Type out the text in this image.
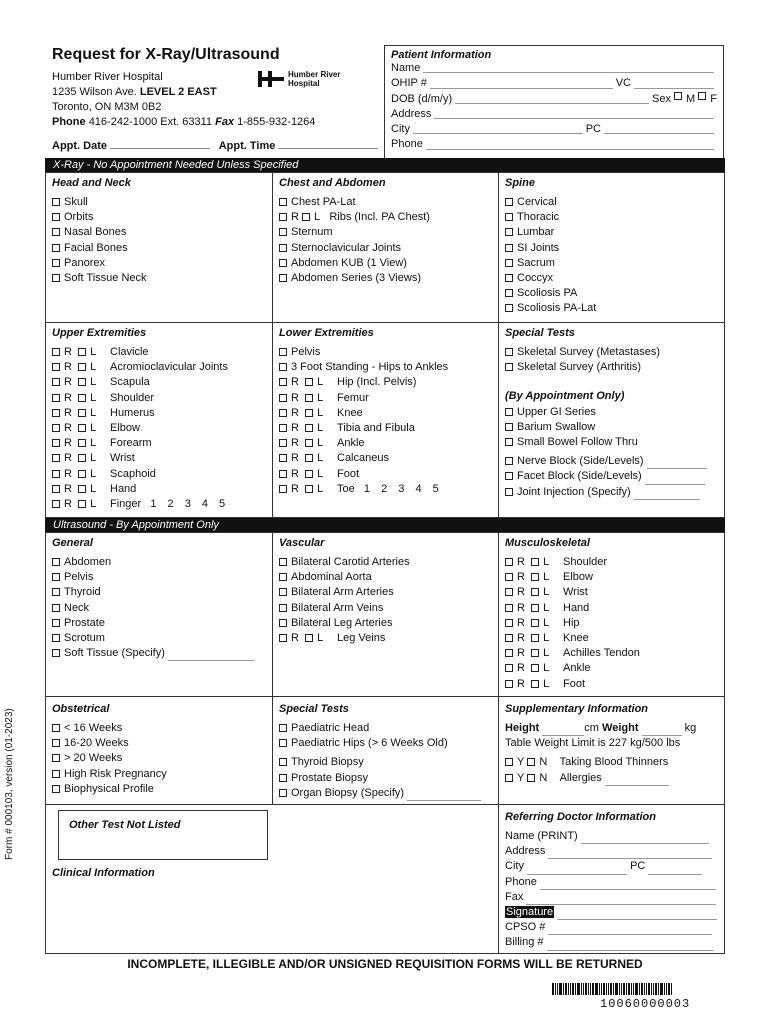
Form # 000103, version (01-2023)
Request for X-Ray/Ultrasound
Humber River Hospital
1235 Wilson Ave. LEVEL 2 EAST
Toronto, ON M3M 0B2
Phone 416-242-1000 Ext. 63311 Fax 1-855-932-1264
Humber River
Hospital
Appt. Date	Appt. Time
Patient Information
Name
OHIP #	VC
DOB (d/m/y)	Sex
M
F
Address
City	PC
Phone
X-Ray - No Appointment Needed Unless Specified
Head and Neck
Skull
Orbits
Nasal Bones
Facial Bones
Panorex
Soft Tissue Neck
Chest and Abdomen
Chest PA-Lat
R L Ribs (Incl. PA Chest)
Sternum
Sternoclavicular Joints
Abdomen KUB (1 View)
Abdomen Series (3 Views)
Spine
Cervical
Thoracic
Lumbar
SI Joints
Sacrum
Coccyx
Scoliosis PA
Scoliosis PA-Lat
Upper Extremities
R  L Clavicle
R  L Acromioclavicular Joints
R  L Scapula
R  L Shoulder
R  L Humerus
R  L Elbow
R  L Forearm
R  L Wrist
R  L Scaphoid
R  L Hand
R  L Finger 1 2 3 4 5
Lower Extremities
Pelvis
3 Foot Standing - Hips to Ankles
R  L Hip (Incl. Pelvis)
R  L Femur
R  L Knee
R  L Tibia and Fibula
R  L Ankle
R  L Calcaneus
R  L Foot
R  L Toe 1 2 3 4 5
Special Tests
Skeletal Survey (Metastases)
Skeletal Survey (Arthritis)
(By Appointment Only)
Upper GI Series
Barium Swallow
Small Bowel Follow Thru
Nerve Block (Side/Levels)
Facet Block (Side/Levels)
Joint Injection (Specify)
Ultrasound - By Appointment Only
General
Abdomen
Pelvis
Thyroid
Neck
Prostate
Scrotum
Soft Tissue (Specify)
Vascular
Bilateral Carotid Arteries
Abdominal Aorta
Bilateral Arm Arteries
Bilateral Arm Veins
Bilateral Leg Arteries
R  L Leg Veins
Musculoskeletal
R  L Shoulder
R  L Elbow
R  L Wrist
R  L Hand
R  L Hip
R  L Knee
R  L Achilles Tendon
R  L Ankle
R  L Foot
Obstetrical
< 16 Weeks
16-20 Weeks
> 20 Weeks
High Risk Pregnancy
Biophysical Profile
Special Tests
Paediatric Head
Paediatric Hips (> 6 Weeks Old)
Thyroid Biopsy
Prostate Biopsy
Organ Biopsy (Specify)
Supplementary Information
Height	cm Weight	kg
Table Weight Limit is 227 kg/500 lbs
Y N Taking Blood Thinners
Y N Allergies
Other Test Not Listed
Clinical Information
Referring Doctor Information
Name (PRINT)
Address
City	PC
Phone
Fax
Signature
CPSO #
Billing #
INCOMPLETE, ILLEGIBLE AND/OR UNSIGNED REQUISITION FORMS WILL BE RETURNED
10060000003
